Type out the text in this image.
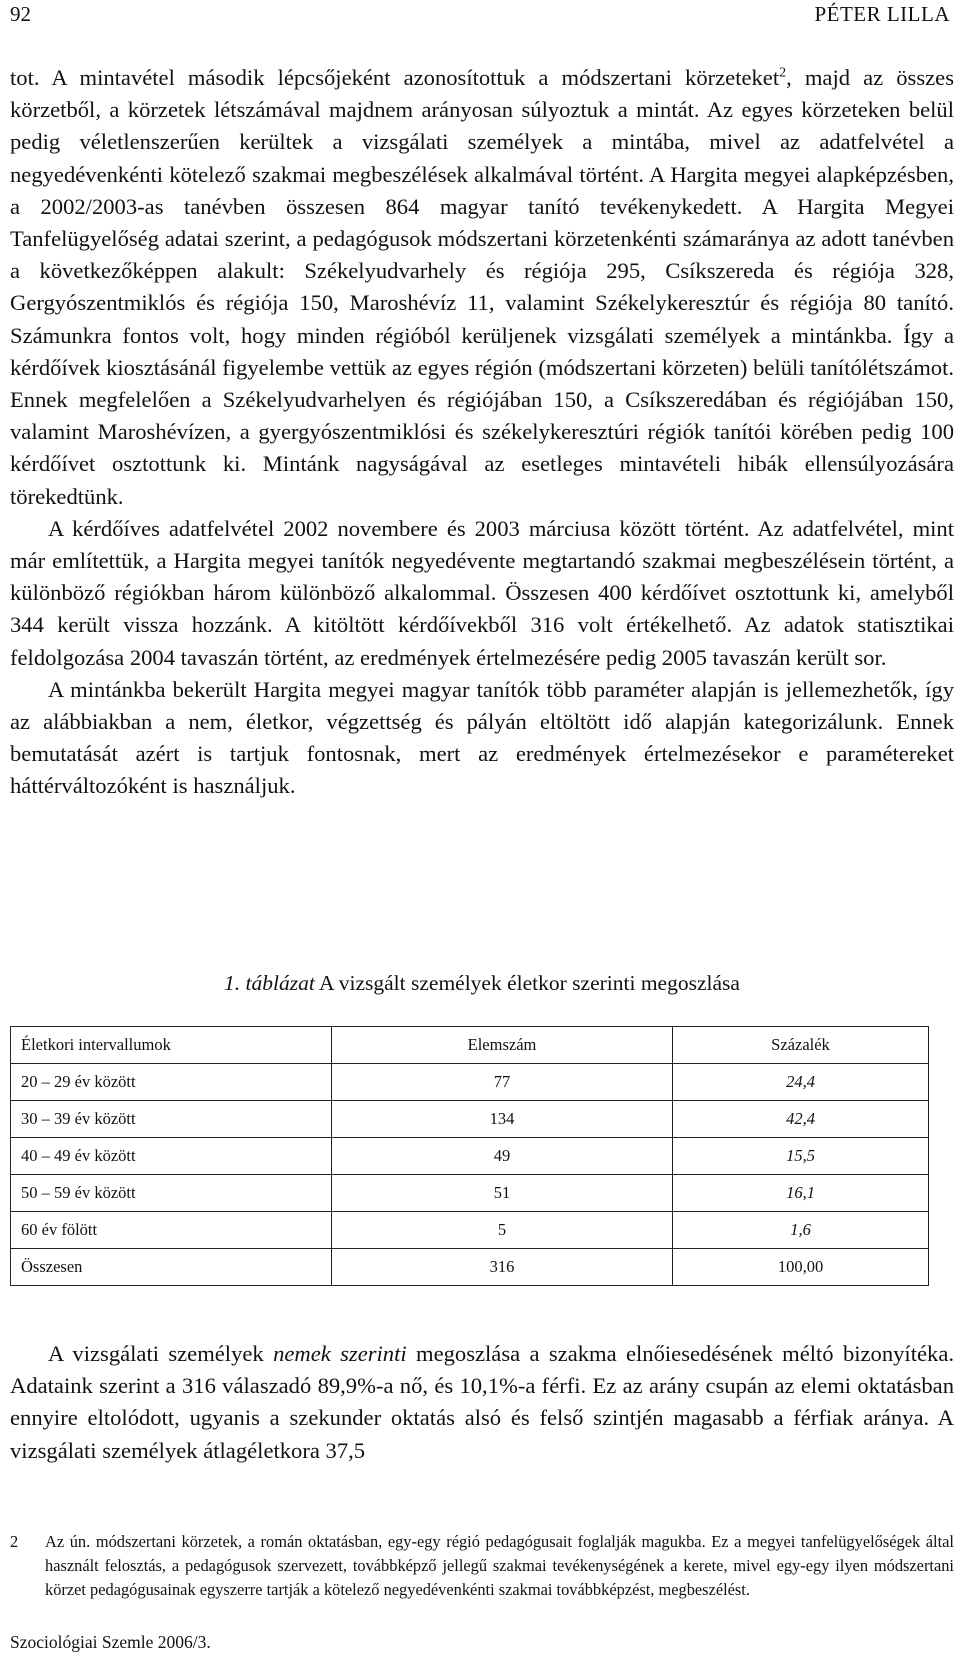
92	PÉTER LILLA

tot. A mintavétel második lépcsőjeként azonosítottuk a módszertani körzeteket$^2$, majd az összes körzetből, a körzetek létszámával majdnem arányosan súlyoztuk a mintát. Az egyes körzeteken belül pedig véletlenszerűen kerültek a vizsgálati személyek a mintába, mivel az adatfelvétel a negyedévenkénti kötelező szakmai megbeszélések alkalmával történt. A Hargita megyei alapképzésben, a 2002/2003-as tanévben összesen 864 magyar tanító tevékenykedett. A Hargita Megyei Tanfelügyelőség adatai szerint, a pedagógusok módszertani körzetenkénti számaránya az adott tanévben a következőképpen alakult: Székelyudvarhely és régiója 295, Csíkszereda és régiója 328, Gergyószentmiklós és régiója 150, Maroshévíz 11, valamint Székelykeresztúr és régiója 80 tanító. Számunkra fontos volt, hogy minden régióból kerüljenek vizsgálati személyek a mintánkba. Így a kérdőívek kiosztásánál figyelembe vettük az egyes régión (módszertani körzeten) belüli tanítólétszámot. Ennek megfelelően a Székelyudvarhelyen és régiójában 150, a Csíkszeredában és régiójában 150, valamint Maroshévízen, a gyergyószentmiklósi és székelykeresztúri régiók tanítói körében pedig 100 kérdőívet osztottunk ki. Mintánk nagyságával az esetleges mintavételi hibák ellensúlyozására törekedtünk.

A kérdőíves adatfelvétel 2002 novembere és 2003 márciusa között történt. Az adatfelvétel, mint már említettük, a Hargita megyei tanítók negyedévente megtartandó szakmai megbeszélésein történt, a különböző régiókban három különböző alkalommal. Összesen 400 kérdőívet osztottunk ki, amelyből 344 került vissza hozzánk. A kitöltött kérdőívekből 316 volt értékelhető. Az adatok statisztikai feldolgozása 2004 tavaszán történt, az eredmények értelmezésére pedig 2005 tavaszán került sor.

A mintánkba bekerült Hargita megyei magyar tanítók több paraméter alapján is jellemezhetők, így az alábbiakban a nem, életkor, végzettség és pályán eltöltött idő alapján kategorizálunk. Ennek bemutatását azért is tartjuk fontosnak, mert az eredmények értelmezésekor e paramétereket háttérváltozóként is használjuk.

1. táblázat A vizsgált személyek életkor szerinti megoszlása
Életkori intervallumok	Elemszám	Százalék
20 – 29 év között	77	24,4
30 – 39 év között	134	42,4
40 – 49 év között	49	15,5
50 – 59 év között	51	16,1
60 év fölött	5	1,6
Összesen	316	100,00

A vizsgálati személyek nemek szerinti megoszlása a szakma elnőiesedésének méltó bizonyítéka. Adataink szerint a 316 válaszadó 89,9%-a nő, és 10,1%-a férfi. Ez az arány csupán az elemi oktatásban ennyire eltolódott, ugyanis a szekunder oktatás alsó és felső szintjén magasabb a férfiak aránya. A vizsgálati személyek átlagéletkora 37,5

2 Az ún. módszertani körzetek, a román oktatásban, egy-egy régió pedagógusait foglalják magukba. Ez a megyei tanfelügyelőségek által használt felosztás, a pedagógusok szervezett, továbbképző jellegű szakmai tevékenységének a kerete, mivel egy-egy ilyen módszertani körzet pedagógusainak egyszerre tartják a kötelező negyedévenkénti szakmai továbbképzést, megbeszélést.
Szociológiai Szemle 2006/3.
